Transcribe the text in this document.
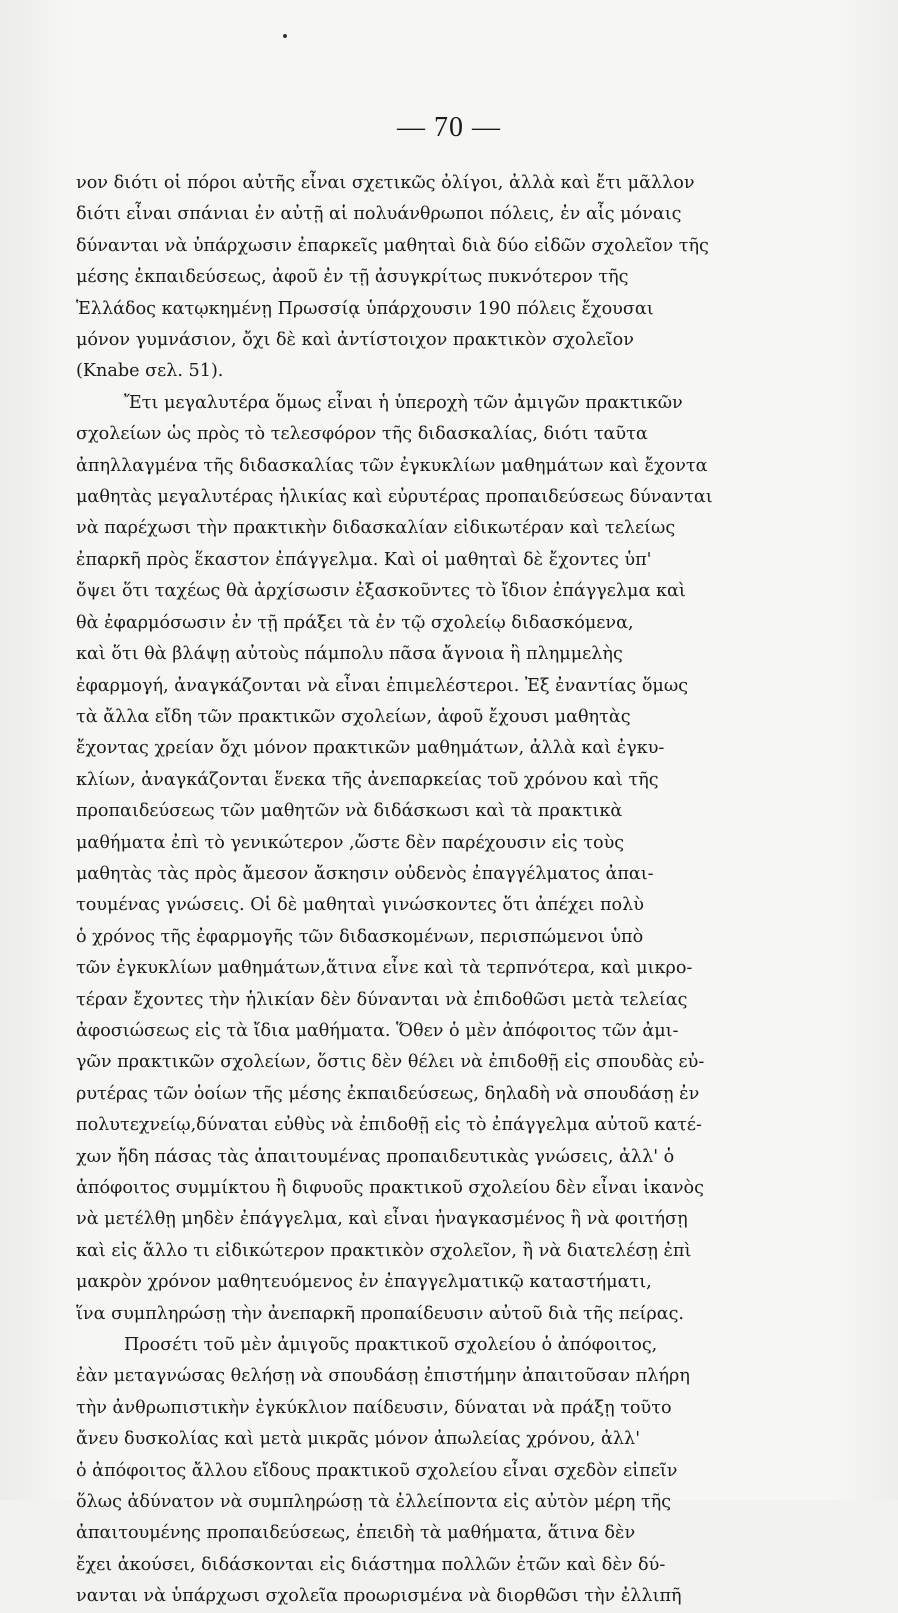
— 70 —
νον διότι οἱ πόροι αὐτῆς εἶναι σχετικῶς ὀλίγοι, ἀλλὰ καὶ ἔτι μᾶλλον
διότι εἶναι σπάνιαι ἐν αὐτῇ αἱ πολυάνθρωποι πόλεις, ἐν αἷς μόναις
δύνανται νὰ ὑπάρχωσιν ἐπαρκεῖς μαθηταὶ διὰ δύο εἰδῶν σχολεῖον τῆς
μέσης ἐκπαιδεύσεως, ἀφοῦ ἐν τῇ ἀσυγκρίτως πυκνότερον τῆς
Ἑλλάδος κατῳκημένῃ Πρωσσίᾳ ὑπάρχουσιν 190 πόλεις ἔχουσαι
μόνον γυμνάσιον, ὄχι δὲ καὶ ἀντίστοιχον πρακτικὸν σχολεῖον
(Knabe σελ. 51).
Ἔτι μεγαλυτέρα ὅμως εἶναι ἡ ὑπεροχὴ τῶν ἀμιγῶν πρακτικῶν
σχολείων ὡς πρὸς τὸ τελεσφόρον τῆς διδασκαλίας, διότι ταῦτα
ἀπηλλαγμένα τῆς διδασκαλίας τῶν ἐγκυκλίων μαθημάτων καὶ ἔχοντα
μαθητὰς μεγαλυτέρας ἡλικίας καὶ εὐρυτέρας προπαιδεύσεως δύνανται
νὰ παρέχωσι τὴν πρακτικὴν διδασκαλίαν εἰδικωτέραν καὶ τελείως
ἐπαρκῆ πρὸς ἕκαστον ἐπάγγελμα. Καὶ οἱ μαθηταὶ δὲ ἔχοντες ὑπ'
ὄψει ὅτι ταχέως θὰ ἀρχίσωσιν ἐξασκοῦντες τὸ ἴδιον ἐπάγγελμα καὶ
θὰ ἐφαρμόσωσιν ἐν τῇ πράξει τὰ ἐν τῷ σχολείῳ διδασκόμενα,
καὶ ὅτι θὰ βλάψῃ αὐτοὺς πάμπολυ πᾶσα ἄγνοια ἢ πλημμελὴς
ἐφαρμογή, ἀναγκάζονται νὰ εἶναι ἐπιμελέστεροι. Ἐξ ἐναντίας ὅμως
τὰ ἄλλα εἴδη τῶν πρακτικῶν σχολείων, ἀφοῦ ἔχουσι μαθητὰς
ἔχοντας χρείαν ὄχι μόνον πρακτικῶν μαθημάτων, ἀλλὰ καὶ ἐγκυ-
κλίων, ἀναγκάζονται ἕνεκα τῆς ἀνεπαρκείας τοῦ χρόνου καὶ τῆς
προπαιδεύσεως τῶν μαθητῶν νὰ διδάσκωσι καὶ τὰ πρακτικὰ
μαθήματα ἐπὶ τὸ γενικώτερον ,ὥστε δὲν παρέχουσιν εἰς τοὺς
μαθητὰς τὰς πρὸς ἄμεσον ἄσκησιν οὐδενὸς ἐπαγγέλματος ἀπαι-
τουμένας γνώσεις. Οἱ δὲ μαθηταὶ γινώσκοντες ὅτι ἀπέχει πολὺ
ὁ χρόνος τῆς ἐφαρμογῆς τῶν διδασκομένων, περισπώμενοι ὑπὸ
τῶν ἐγκυκλίων μαθημάτων,ἅτινα εἶνε καὶ τὰ τερπνότερα, καὶ μικρο-
τέραν ἔχοντες τὴν ἡλικίαν δὲν δύνανται νὰ ἐπιδοθῶσι μετὰ τελείας
ἀφοσιώσεως εἰς τὰ ἴδια μαθήματα. Ὅθεν ὁ μὲν ἀπόφοιτος τῶν ἀμι-
γῶν πρακτικῶν σχολείων, ὅστις δὲν θέλει νὰ ἐπιδοθῇ εἰς σπουδὰς εὐ-
ρυτέρας τῶν ὁοίων τῆς μέσης ἐκπαιδεύσεως, δηλαδὴ νὰ σπουδάσῃ ἐν
πολυτεχνείῳ,δύναται εὐθὺς νὰ ἐπιδοθῇ εἰς τὸ ἐπάγγελμα αὐτοῦ κατέ-
χων ἤδη πάσας τὰς ἀπαιτουμένας προπαιδευτικὰς γνώσεις, ἀλλ' ὁ
ἀπόφοιτος συμμίκτου ἢ διφυοῦς πρακτικοῦ σχολείου δὲν εἶναι ἱκανὸς
νὰ μετέλθῃ μηδὲν ἐπάγγελμα, καὶ εἶναι ἠναγκασμένος ἢ νὰ φοιτήσῃ
καὶ εἰς ἄλλο τι εἰδικώτερον πρακτικὸν σχολεῖον, ἢ νὰ διατελέσῃ ἐπὶ
μακρὸν χρόνον μαθητευόμενος ἐν ἐπαγγελματικῷ καταστήματι,
ἵνα συμπληρώσῃ τὴν ἀνεπαρκῆ προπαίδευσιν αὐτοῦ διὰ τῆς πείρας.
Προσέτι τοῦ μὲν ἀμιγοῦς πρακτικοῦ σχολείου ὁ ἀπόφοιτος,
ἐὰν μεταγνώσας θελήσῃ νὰ σπουδάσῃ ἐπιστήμην ἀπαιτοῦσαν πλήρη
τὴν ἀνθρωπιστικὴν ἐγκύκλιον παίδευσιν, δύναται νὰ πράξῃ τοῦτο
ἄνευ δυσκολίας καὶ μετὰ μικρᾶς μόνον ἀπωλείας χρόνου, ἀλλ'
ὁ ἀπόφοιτος ἄλλου εἴδους πρακτικοῦ σχολείου εἶναι σχεδὸν εἰπεῖν
ὅλως ἀδύνατον νὰ συμπληρώσῃ τὰ ἐλλείποντα εἰς αὐτὸν μέρη τῆς
ἀπαιτουμένης προπαιδεύσεως, ἐπειδὴ τὰ μαθήματα, ἅτινα δὲν
ἔχει ἀκούσει, διδάσκονται εἰς διάστημα πολλῶν ἐτῶν καὶ δὲν δύ-
νανται νὰ ὑπάρχωσι σχολεῖα προωρισμένα νὰ διορθῶσι τὴν ἐλλιπῆ
